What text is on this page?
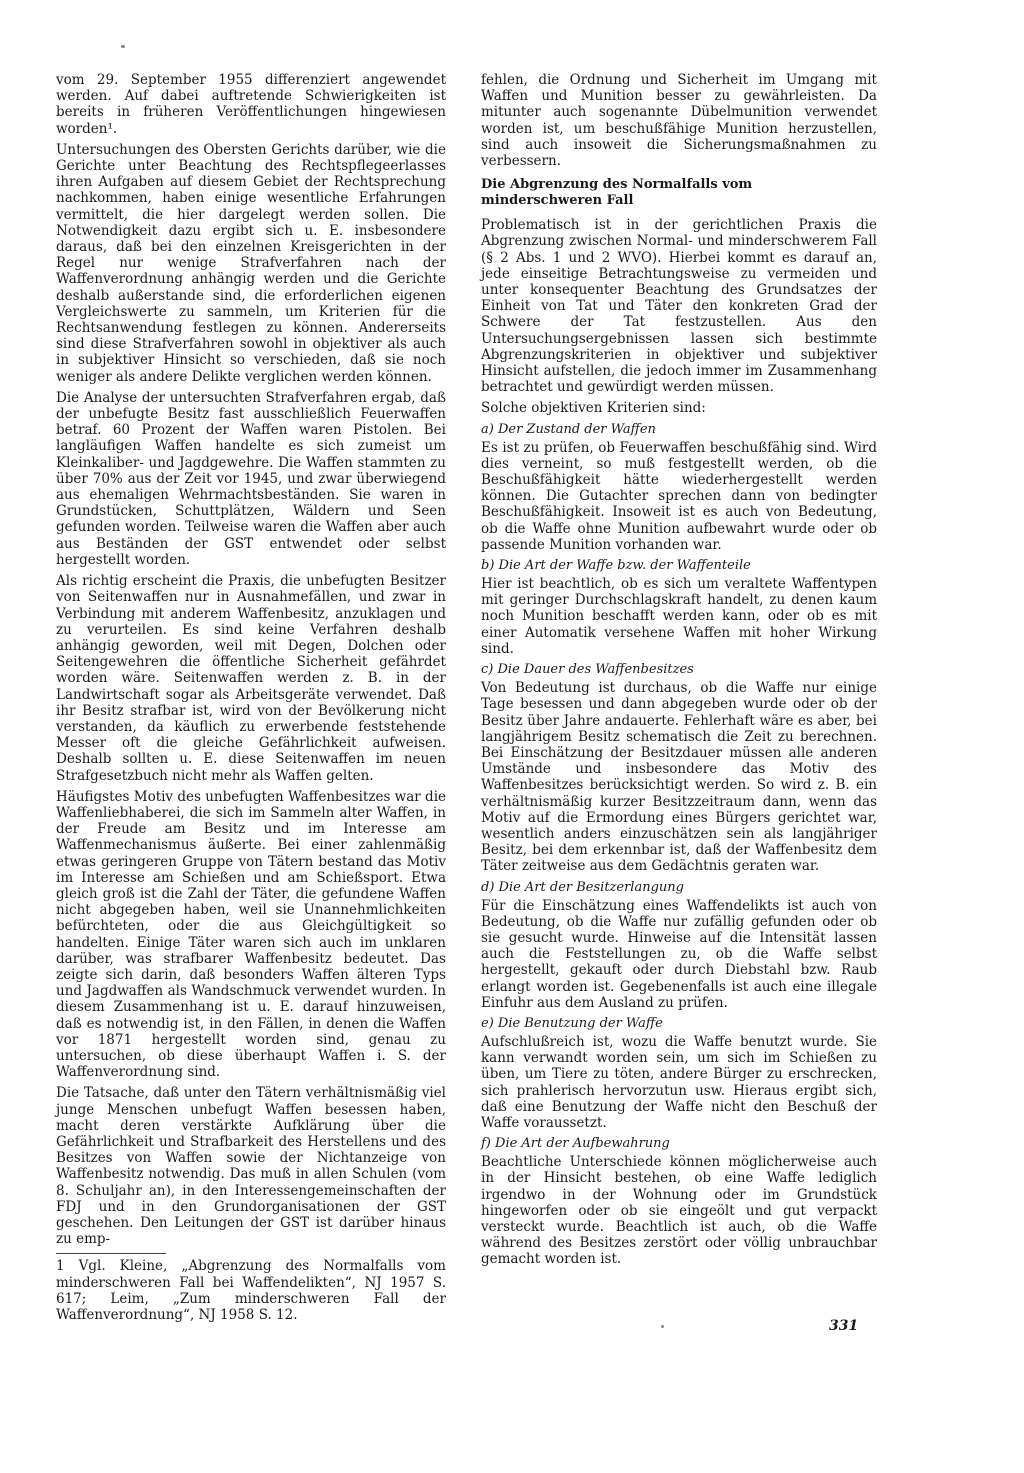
vom 29. September 1955 differenziert angewendet werden. Auf dabei auftretende Schwierigkeiten ist bereits in früheren Veröffentlichungen hingewiesen worden¹.

Untersuchungen des Obersten Gerichts darüber, wie die Gerichte unter Beachtung des Rechtspflegeerlasses ihren Aufgaben auf diesem Gebiet der Rechtsprechung nachkommen, haben einige wesentliche Erfahrungen vermittelt, die hier dargelegt werden sollen. Die Notwendigkeit dazu ergibt sich u. E. insbesondere daraus, daß bei den einzelnen Kreisgerichten in der Regel nur wenige Strafverfahren nach der Waffenverordnung anhängig werden und die Gerichte deshalb außerstande sind, die erforderlichen eigenen Vergleichswerte zu sammeln, um Kriterien für die Rechtsanwendung festlegen zu können. Andererseits sind diese Strafverfahren sowohl in objektiver als auch in subjektiver Hinsicht so verschieden, daß sie noch weniger als andere Delikte verglichen werden können.

Die Analyse der untersuchten Strafverfahren ergab, daß der unbefugte Besitz fast ausschließlich Feuerwaffen betraf. 60 Prozent der Waffen waren Pistolen. Bei langläufigen Waffen handelte es sich zumeist um Kleinkaliber- und Jagdgewehre. Die Waffen stammten zu über 70% aus der Zeit vor 1945, und zwar überwiegend aus ehemaligen Wehrmachtsbeständen. Sie waren in Grundstücken, Schuttplätzen, Wäldern und Seen gefunden worden. Teilweise waren die Waffen aber auch aus Beständen der GST entwendet oder selbst hergestellt worden.

Als richtig erscheint die Praxis, die unbefugten Besitzer von Seitenwaffen nur in Ausnahmefällen, und zwar in Verbindung mit anderem Waffenbesitz, anzuklagen und zu verurteilen. Es sind keine Verfahren deshalb anhängig geworden, weil mit Degen, Dolchen oder Seitengewehren die öffentliche Sicherheit gefährdet worden wäre. Seitenwaffen werden z. B. in der Landwirtschaft sogar als Arbeitsgeräte verwendet. Daß ihr Besitz strafbar ist, wird von der Bevölkerung nicht verstanden, da käuflich zu erwerbende feststehende Messer oft die gleiche Gefährlichkeit aufweisen. Deshalb sollten u. E. diese Seitenwaffen im neuen Strafgesetzbuch nicht mehr als Waffen gelten.

Häufigstes Motiv des unbefugten Waffenbesitzes war die Waffenliebhaberei, die sich im Sammeln alter Waffen, in der Freude am Besitz und im Interesse am Waffenmechanismus äußerte. Bei einer zahlenmäßig etwas geringeren Gruppe von Tätern bestand das Motiv im Interesse am Schießen und am Schießsport. Etwa gleich groß ist die Zahl der Täter, die gefundene Waffen nicht abgegeben haben, weil sie Unannehmlichkeiten befürchteten, oder die aus Gleichgültigkeit so handelten. Einige Täter waren sich auch im unklaren darüber, was strafbarer Waffenbesitz bedeutet. Das zeigte sich darin, daß besonders Waffen älteren Typs und Jagdwaffen als Wandschmuck verwendet wurden. In diesem Zusammenhang ist u. E. darauf hinzuweisen, daß es notwendig ist, in den Fällen, in denen die Waffen vor 1871 hergestellt worden sind, genau zu untersuchen, ob diese überhaupt Waffen i. S. der Waffenverordnung sind.

Die Tatsache, daß unter den Tätern verhältnismäßig viel junge Menschen unbefugt Waffen besessen haben, macht deren verstärkte Aufklärung über die Gefährlichkeit und Strafbarkeit des Herstellens und des Besitzes von Waffen sowie der Nichtanzeige von Waffenbesitz notwendig. Das muß in allen Schulen (vom 8. Schuljahr an), in den Interessengemeinschaften der FDJ und in den Grundorganisationen der GST geschehen. Den Leitungen der GST ist darüber hinaus zu emp-

1 Vgl. Kleine, „Abgrenzung des Normalfalls vom minderschweren Fall bei Waffendelikten“, NJ 1957 S. 617; Leim, „Zum minderschweren Fall der Waffenverordnung“, NJ 1958 S. 12.

fehlen, die Ordnung und Sicherheit im Umgang mit Waffen und Munition besser zu gewährleisten. Da mitunter auch sogenannte Dübelmunition verwendet worden ist, um beschußfähige Munition herzustellen, sind auch insoweit die Sicherungsmaßnahmen zu verbessern.

Die Abgrenzung des Normalfalls vom minderschweren Fall

Problematisch ist in der gerichtlichen Praxis die Abgrenzung zwischen Normal- und minderschwerem Fall (§ 2 Abs. 1 und 2 WVO). Hierbei kommt es darauf an, jede einseitige Betrachtungsweise zu vermeiden und unter konsequenter Beachtung des Grundsatzes der Einheit von Tat und Täter den konkreten Grad der Schwere der Tat festzustellen. Aus den Untersuchungsergebnissen lassen sich bestimmte Abgrenzungskriterien in objektiver und subjektiver Hinsicht aufstellen, die jedoch immer im Zusammenhang betrachtet und gewürdigt werden müssen.

Solche objektiven Kriterien sind:

a) Der Zustand der Waffen

Es ist zu prüfen, ob Feuerwaffen beschußfähig sind. Wird dies verneint, so muß festgestellt werden, ob die Beschußfähigkeit hätte wiederhergestellt werden können. Die Gutachter sprechen dann von bedingter Beschußfähigkeit. Insoweit ist es auch von Bedeutung, ob die Waffe ohne Munition aufbewahrt wurde oder ob passende Munition vorhanden war.

b) Die Art der Waffe bzw. der Waffenteile

Hier ist beachtlich, ob es sich um veraltete Waffentypen mit geringer Durchschlagskraft handelt, zu denen kaum noch Munition beschafft werden kann, oder ob es mit einer Automatik versehene Waffen mit hoher Wirkung sind.

c) Die Dauer des Waffenbesitzes

Von Bedeutung ist durchaus, ob die Waffe nur einige Tage besessen und dann abgegeben wurde oder ob der Besitz über Jahre andauerte. Fehlerhaft wäre es aber, bei langjährigem Besitz schematisch die Zeit zu berechnen. Bei Einschätzung der Besitzdauer müssen alle anderen Umstände und insbesondere das Motiv des Waffenbesitzes berücksichtigt werden. So wird z. B. ein verhältnismäßig kurzer Besitzzeitraum dann, wenn das Motiv auf die Ermordung eines Bürgers gerichtet war, wesentlich anders einzuschätzen sein als langjähriger Besitz, bei dem erkennbar ist, daß der Waffenbesitz dem Täter zeitweise aus dem Gedächtnis geraten war.

d) Die Art der Besitzerlangung

Für die Einschätzung eines Waffendelikts ist auch von Bedeutung, ob die Waffe nur zufällig gefunden oder ob sie gesucht wurde. Hinweise auf die Intensität lassen auch die Feststellungen zu, ob die Waffe selbst hergestellt, gekauft oder durch Diebstahl bzw. Raub erlangt worden ist. Gegebenenfalls ist auch eine illegale Einfuhr aus dem Ausland zu prüfen.

e) Die Benutzung der Waffe

Aufschlußreich ist, wozu die Waffe benutzt wurde. Sie kann verwandt worden sein, um sich im Schießen zu üben, um Tiere zu töten, andere Bürger zu erschrecken, sich prahlerisch hervorzutun usw. Hieraus ergibt sich, daß eine Benutzung der Waffe nicht den Beschuß der Waffe voraussetzt.

f) Die Art der Aufbewahrung

Beachtliche Unterschiede können möglicherweise auch in der Hinsicht bestehen, ob eine Waffe lediglich irgendwo in der Wohnung oder im Grundstück hingeworfen oder ob sie eingeölt und gut verpackt versteckt wurde. Beachtlich ist auch, ob die Waffe während des Besitzes zerstört oder völlig unbrauchbar gemacht worden ist.

331
